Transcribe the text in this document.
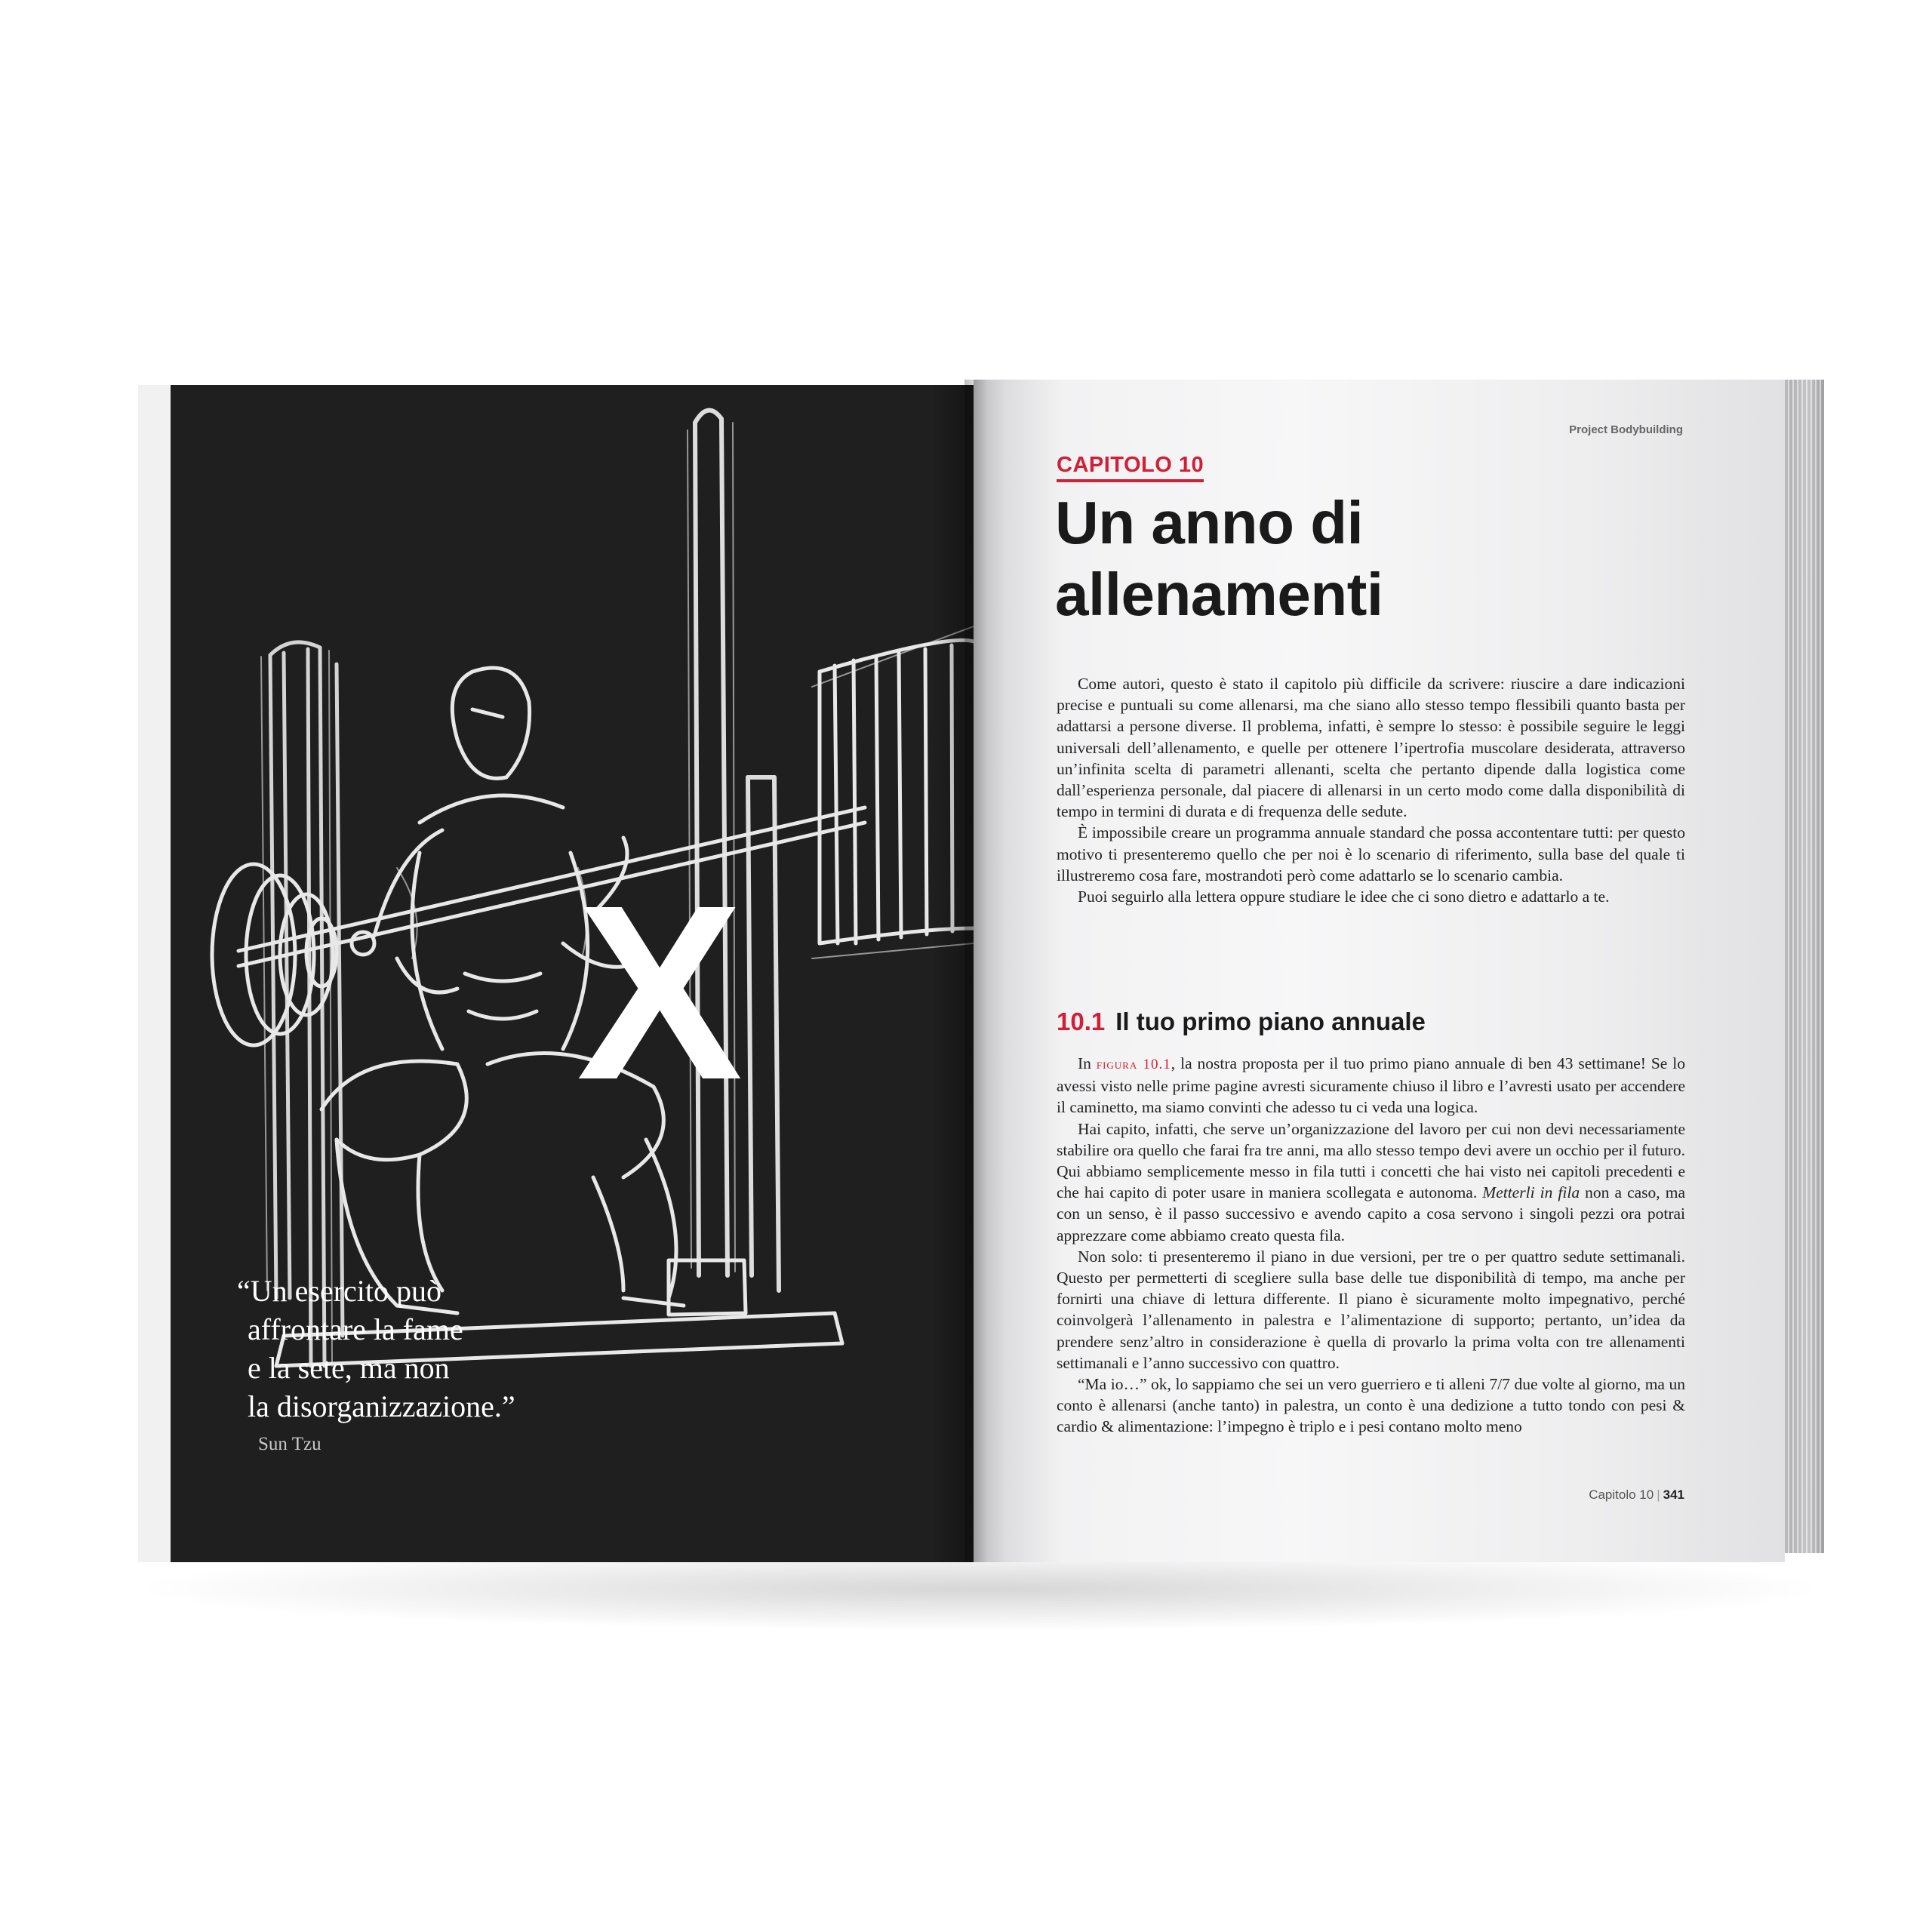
X
“Un esercito può
affrontare la fame
e la sete, ma non
la disorganizzazione.”
Sun Tzu
Project Bodybuilding
CAPITOLO 10
Un anno di
allenamenti

Come autori, questo è stato il capitolo più difficile da scrivere: riuscire a dare indicazioni precise e puntuali su come allenarsi, ma che siano allo stesso tempo flessibili quanto basta per adattarsi a persone diverse. Il problema, infatti, è sempre lo stesso: è possibile seguire le leggi universali dell’allenamento, e quelle per ottenere l’ipertrofia muscolare desiderata, attraverso un’infinita scelta di parametri allenanti, scelta che pertanto dipende dalla logistica come dall’esperienza personale, dal piacere di allenarsi in un certo modo come dalla disponibilità di tempo in termini di durata e di frequenza delle sedute.

È impossibile creare un programma annuale standard che possa accontentare tutti: per questo motivo ti presenteremo quello che per noi è lo scenario di riferimento, sulla base del quale ti illustreremo cosa fare, mostrandoti però come adattarlo se lo scenario cambia.

Puoi seguirlo alla lettera oppure studiare le idee che ci sono dietro e adattarlo a te.

10.1 Il tuo primo piano annuale

In figura 10.1, la nostra proposta per il tuo primo piano annuale di ben 43 settimane! Se lo avessi visto nelle prime pagine avresti sicuramente chiuso il libro e l’avresti usato per accendere il caminetto, ma siamo convinti che adesso tu ci veda una logica.

Hai capito, infatti, che serve un’organizzazione del lavoro per cui non devi necessariamente stabilire ora quello che farai fra tre anni, ma allo stesso tempo devi avere un occhio per il futuro. Qui abbiamo semplicemente messo in fila tutti i concetti che hai visto nei capitoli precedenti e che hai capito di poter usare in maniera scollegata e autonoma. Metterli in fila non a caso, ma con un senso, è il passo successivo e avendo capito a cosa servono i singoli pezzi ora potrai apprezzare come abbiamo creato questa fila.

Non solo: ti presenteremo il piano in due versioni, per tre o per quattro sedute settimanali. Questo per permetterti di scegliere sulla base delle tue disponibilità di tempo, ma anche per fornirti una chiave di lettura differente. Il piano è sicuramente molto impegnativo, perché coinvolgerà l’allenamento in palestra e l’alimentazione di supporto; pertanto, un’idea da prendere senz’altro in considerazione è quella di provarlo la prima volta con tre allenamenti settimanali e l’anno successivo con quattro.

“Ma io…” ok, lo sappiamo che sei un vero guerriero e ti alleni 7/7 due volte al giorno, ma un conto è allenarsi (anche tanto) in palestra, un conto è una dedizione a tutto tondo con pesi & cardio & alimentazione: l’impegno è triplo e i pesi contano molto meno

Capitolo 10 | 341
